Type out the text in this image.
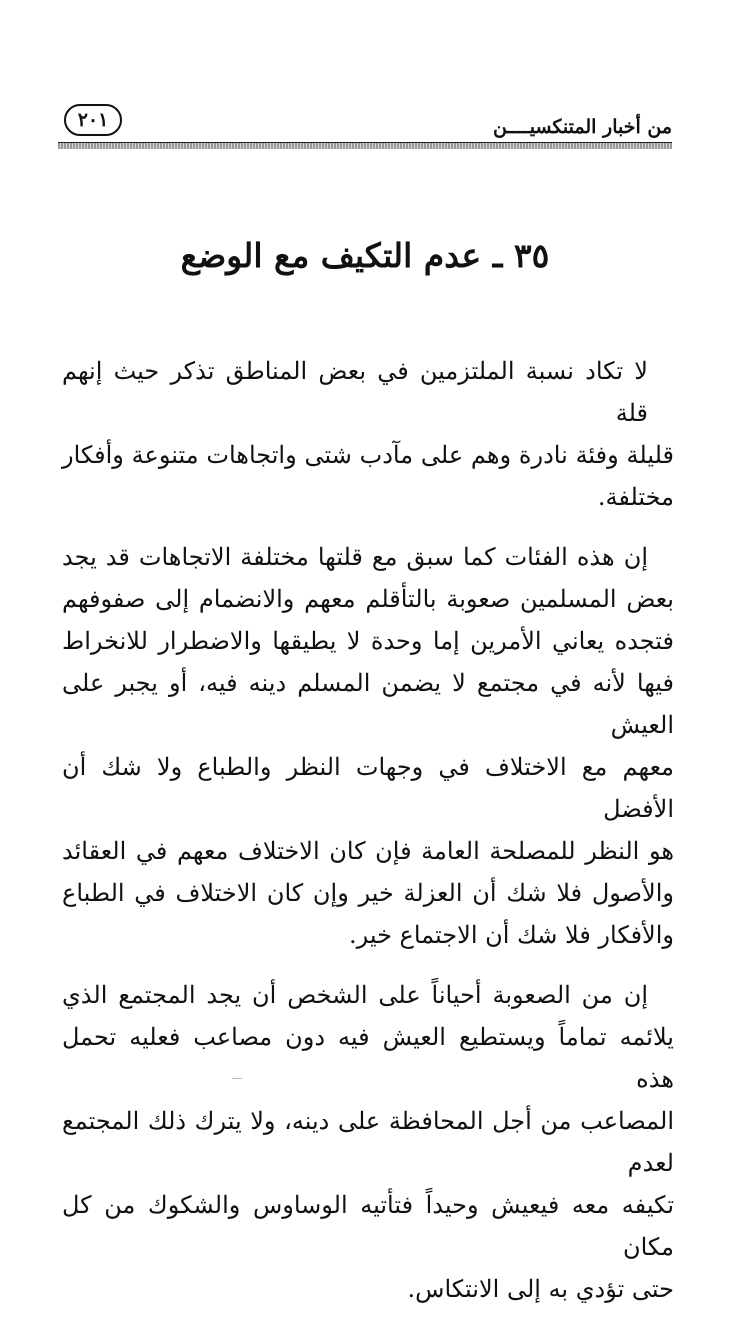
٢٠١	من أخبار المتنكسيــــن
٣٥ ـ عدم التكيف مع الوضع

لا تكاد نسبة الملتزمين في بعض المناطق تذكر حيث إنهم قلة
قليلة وفئة نادرة وهم على مآدب شتى واتجاهات متنوعة وأفكار
مختلفة.

إن هذه الفئات كما سبق مع قلتها مختلفة الاتجاهات قد يجد
بعض المسلمين صعوبة بالتأقلم معهم والانضمام إلى صفوفهم
فتجده يعاني الأمرين إما وحدة لا يطيقها والاضطرار للانخراط
فيها لأنه في مجتمع لا يضمن المسلم دينه فيه، أو يجبر على العيش
معهم مع الاختلاف في وجهات النظر والطباع ولا شك أن الأفضل
هو النظر للمصلحة العامة فإن كان الاختلاف معهم في العقائد
والأصول فلا شك أن العزلة خير وإن كان الاختلاف في الطباع
والأفكار فلا شك أن الاجتماع خير.

إن من الصعوبة أحياناً على الشخص أن يجد المجتمع الذي
يلائمه تماماً ويستطيع العيش فيه دون مصاعب فعليه تحمل هذه
المصاعب من أجل المحافظة على دينه، ولا يترك ذلك المجتمع لعدم
تكيفه معه فيعيش وحيداً فتأتيه الوساوس والشكوك من كل مكان
حتى تؤدي به إلى الانتكاس.
